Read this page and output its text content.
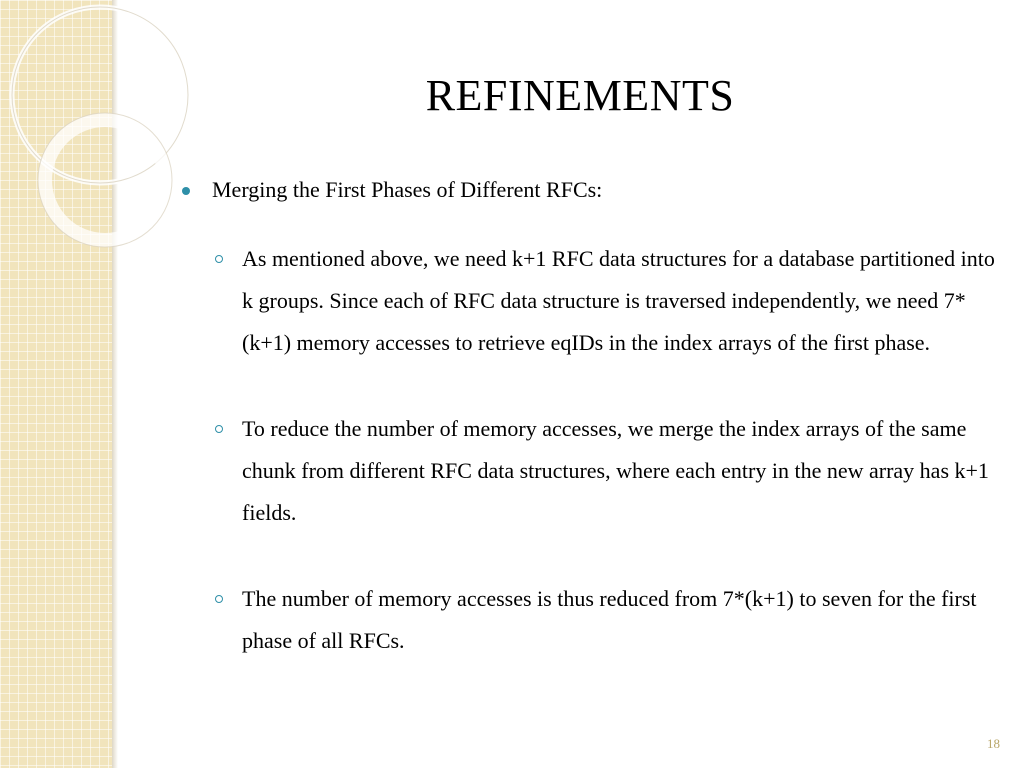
REFINEMENTS
Merging the First Phases of Different RFCs:
As mentioned above, we need k+1 RFC data structures for a database partitioned into k groups. Since each of RFC data structure is traversed independently, we need 7*(k+1) memory accesses to retrieve eqIDs in the index arrays of the first phase.
To reduce the number of memory accesses, we merge the index arrays of the same chunk from different RFC data structures, where each entry in the new array has k+1 fields.
The number of memory accesses is thus reduced from 7*(k+1) to seven for the first phase of all RFCs.
18
